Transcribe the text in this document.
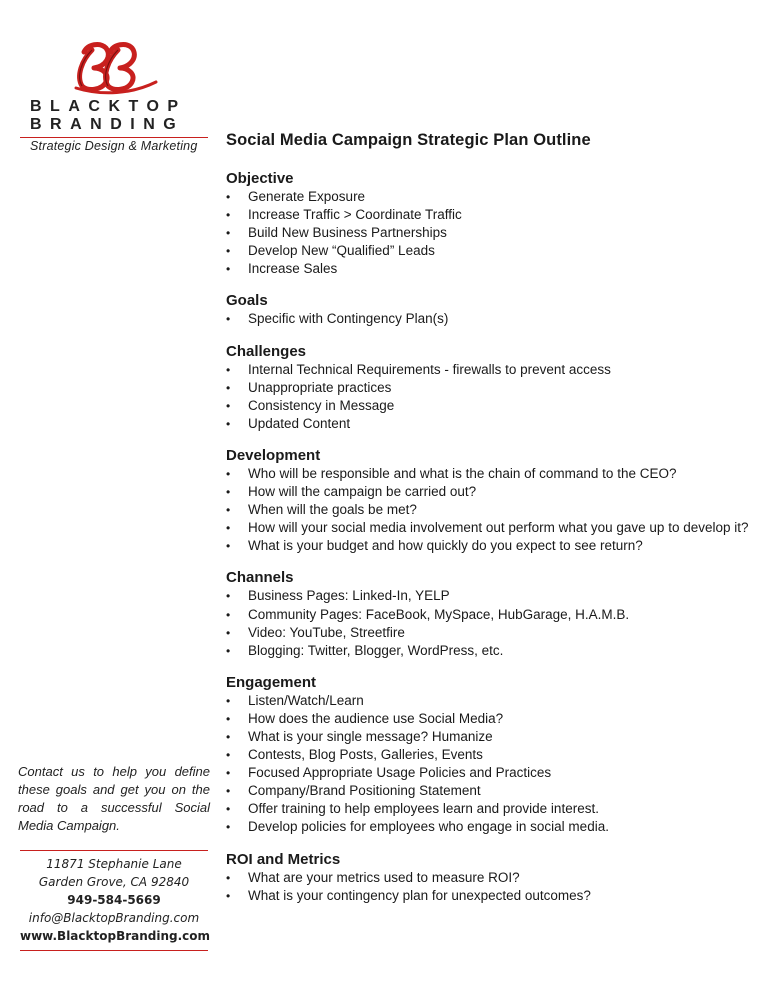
BLACKTOP
BRANDING
Strategic Design & Marketing
Contact us to help you define these goals and get you on the road to a successful Social Media Campaign.
11871 Stephanie Lane
Garden Grove, CA 92840
949-584-5669
info@BlacktopBranding.com
www.BlacktopBranding.com
Social Media Campaign Strategic Plan Outline
Objective
• Generate Exposure
• Increase Traffic > Coordinate Traffic
• Build New Business Partnerships
• Develop New “Qualified” Leads
• Increase Sales
Goals
• Specific with Contingency Plan(s)
Challenges
• Internal Technical Requirements - firewalls to prevent access
• Unappropriate practices
• Consistency in Message
• Updated Content
Development
• Who will be responsible and what is the chain of command to the CEO?
• How will the campaign be carried out?
• When will the goals be met?
• How will your social media involvement out perform what you gave up to develop it?
• What is your budget and how quickly do you expect to see return?
Channels
• Business Pages: Linked-In, YELP
• Community Pages: FaceBook, MySpace, HubGarage, H.A.M.B.
• Video: YouTube, Streetfire
• Blogging: Twitter, Blogger, WordPress, etc.
Engagement
• Listen/Watch/Learn
• How does the audience use Social Media?
• What is your single message? Humanize
• Contests, Blog Posts, Galleries, Events
• Focused Appropriate Usage Policies and Practices
• Company/Brand Positioning Statement
• Offer training to help employees learn and provide interest.
• Develop policies for employees who engage in social media.
ROI and Metrics
• What are your metrics used to measure ROI?
• What is your contingency plan for unexpected outcomes?
